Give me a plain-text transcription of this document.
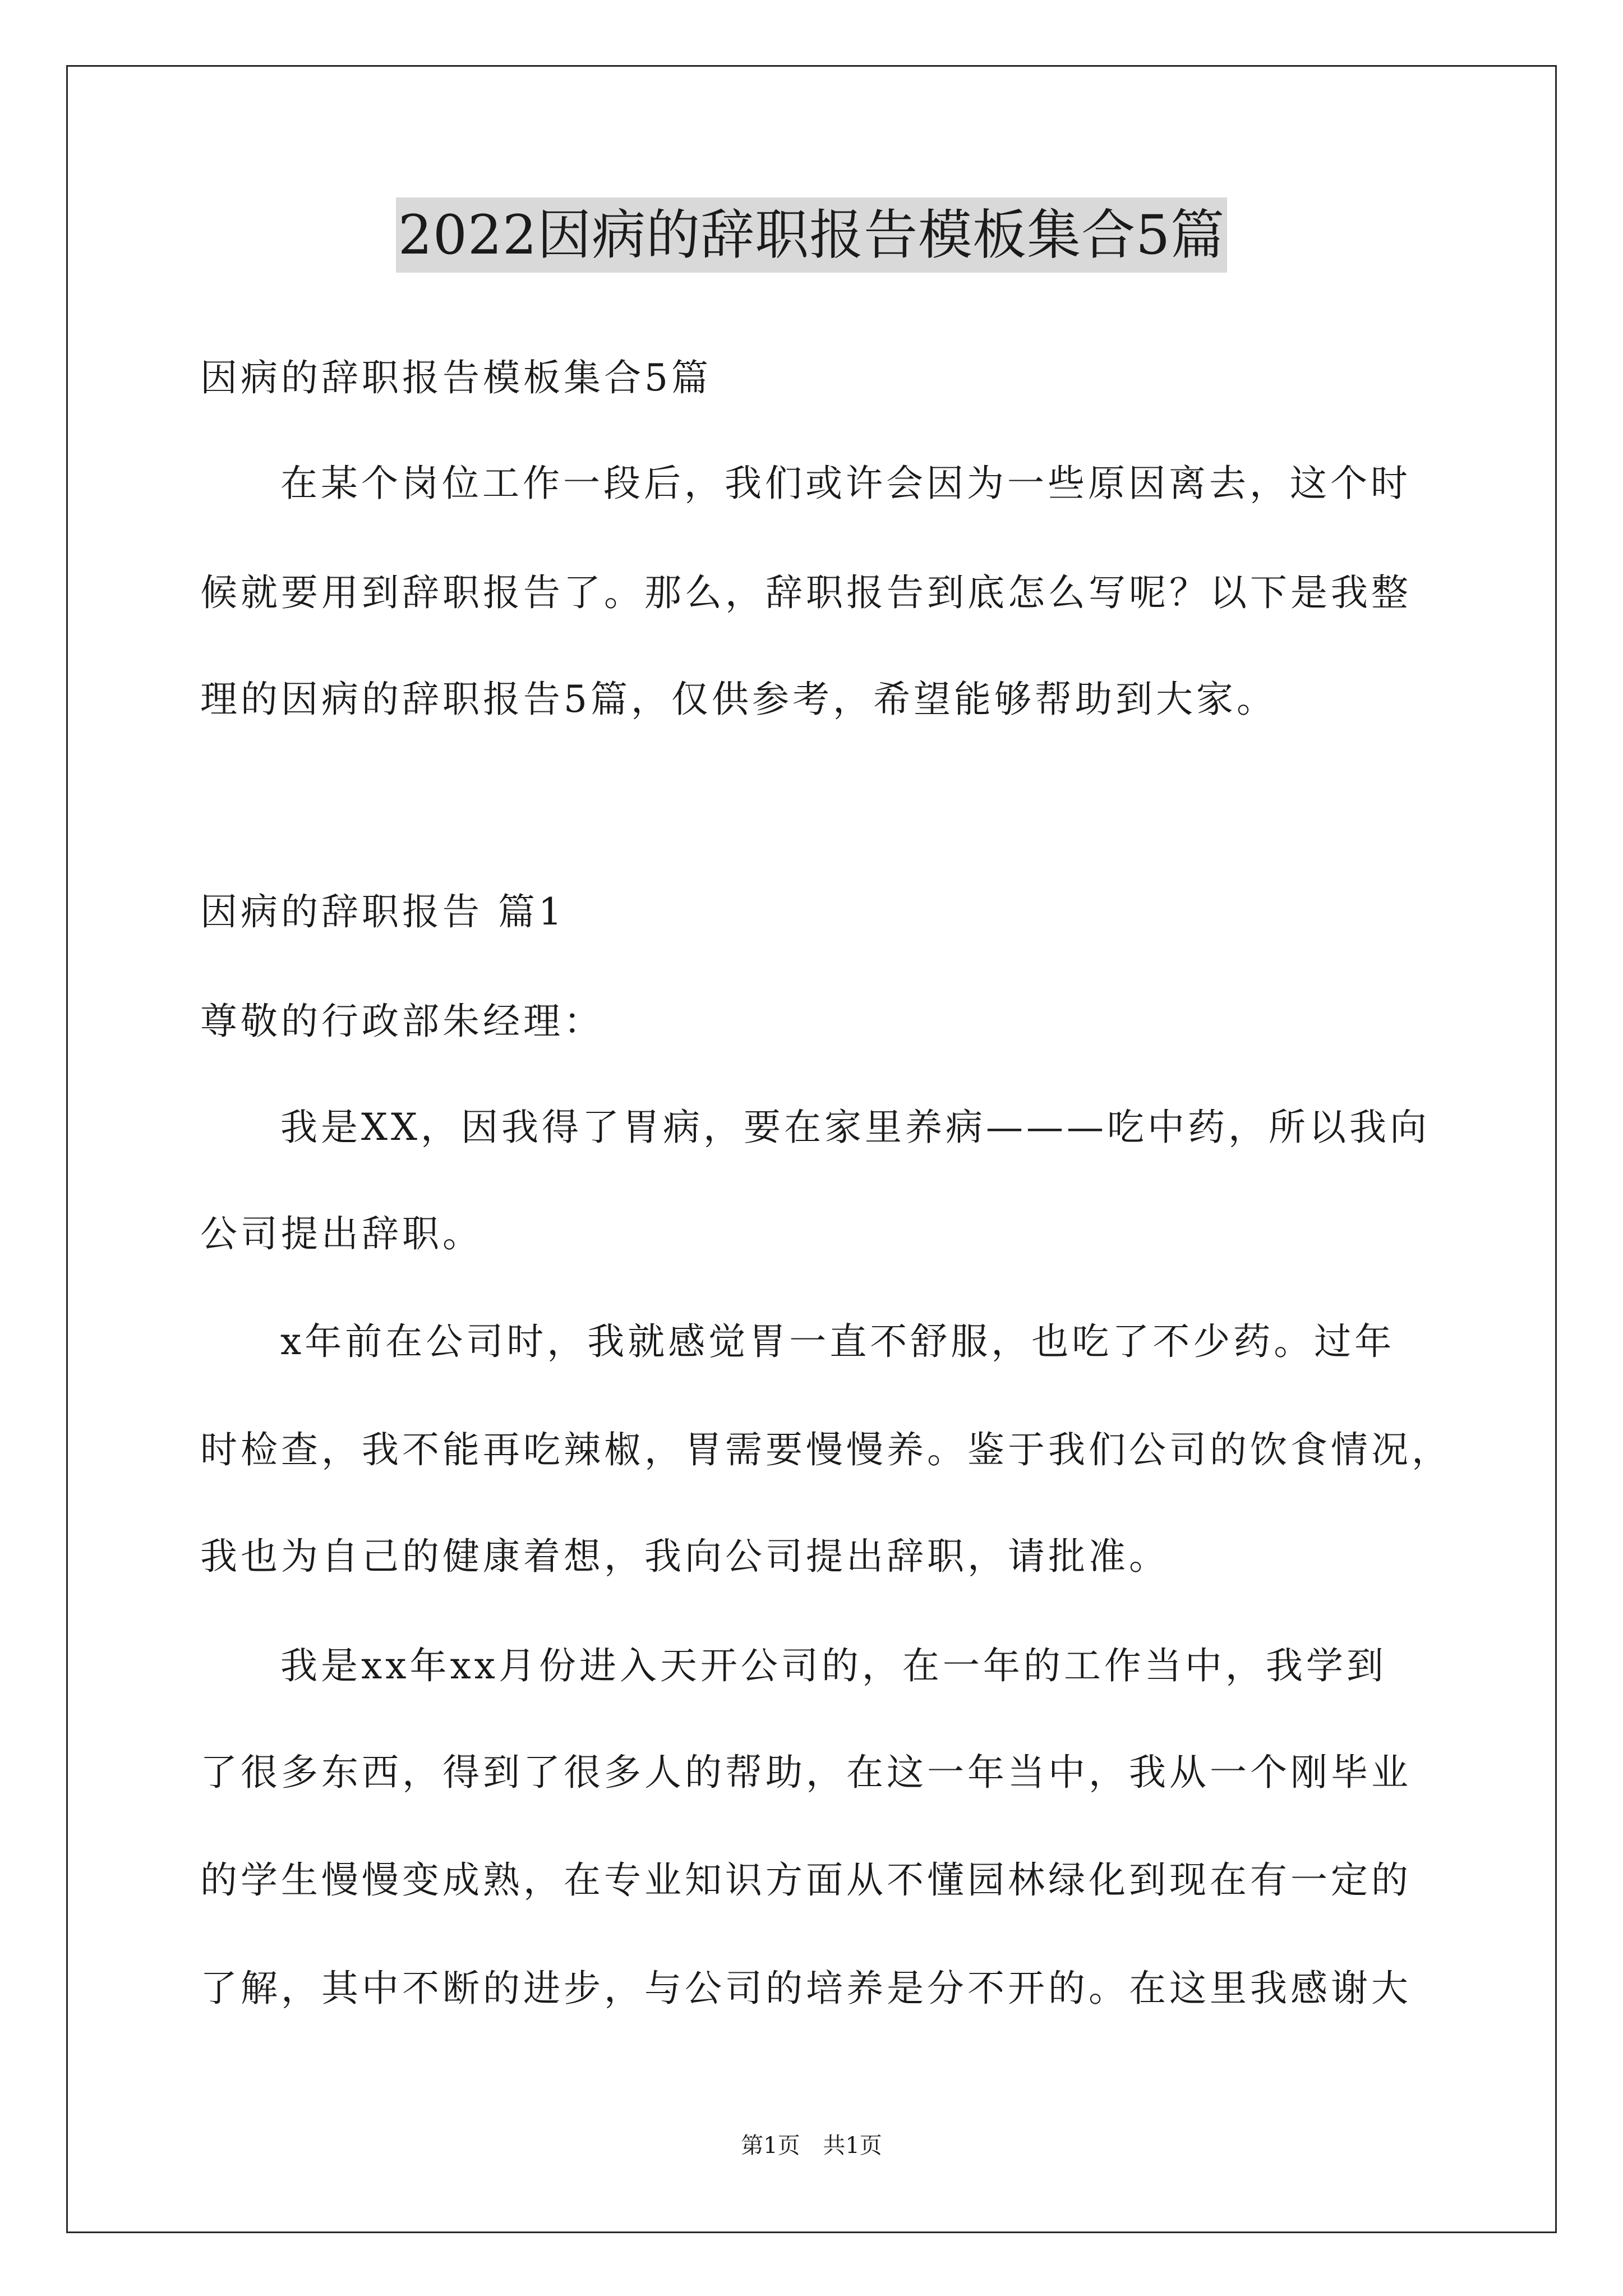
2022因病的辞职报告模板集合5篇
因病的辞职报告模板集合5篇
在某个岗位工作一段后，我们或许会因为一些原因离去，这个时
候就要用到辞职报告了。那么，辞职报告到底怎么写呢？以下是我整
理的因病的辞职报告5篇，仅供参考，希望能够帮助到大家。
因病的辞职报告 篇1
尊敬的行政部朱经理：
我是XX，因我得了胃病，要在家里养病———吃中药，所以我向
公司提出辞职。
x年前在公司时，我就感觉胃一直不舒服，也吃了不少药。过年
时检查，我不能再吃辣椒，胃需要慢慢养。鉴于我们公司的饮食情况，
我也为自己的健康着想，我向公司提出辞职，请批准。
我是xx年xx月份进入天开公司的，在一年的工作当中，我学到
了很多东西，得到了很多人的帮助，在这一年当中，我从一个刚毕业
的学生慢慢变成熟，在专业知识方面从不懂园林绿化到现在有一定的
了解，其中不断的进步，与公司的培养是分不开的。在这里我感谢大
第1页 共1页
